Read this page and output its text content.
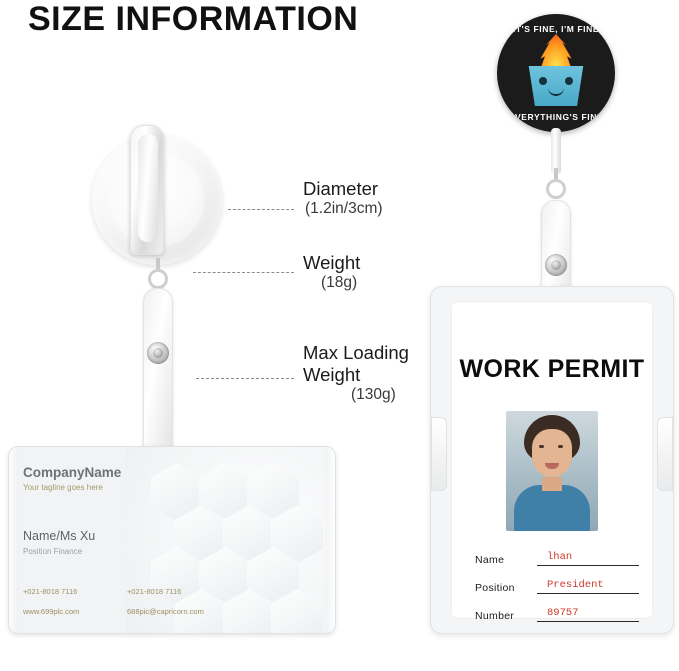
SIZE INFORMATION
CompanyName
Your tagline goes here
Name/Ms Xu
Position Finance
+021-8018 7116	+021-8018 7116
www.699plc.com	688pic@capricorn.com
Diameter
(1.2in/3cm)
Weight
(18g)
Max Loading
Weight
(130g)
IT'S FINE, I'M FINE
EVERYTHING'S FINE
WORK PERMIT
Name	lhan
Position	President
Number	89757
